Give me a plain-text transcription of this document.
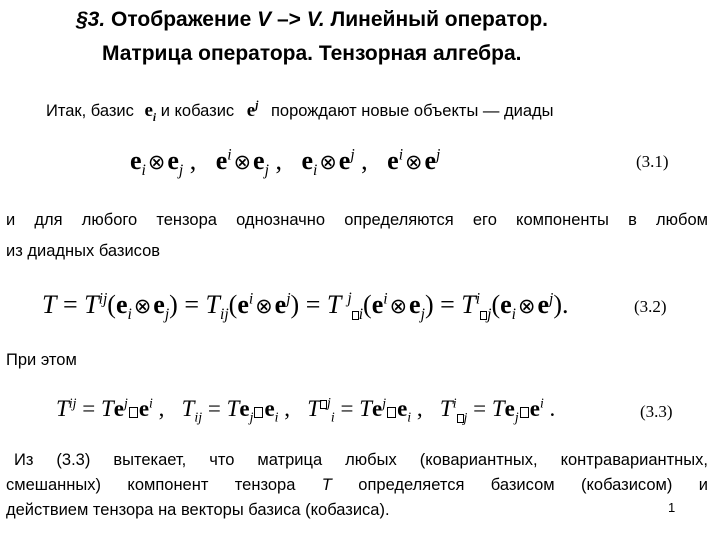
§3. Отображение V –> V. Линейный оператор.
Матрица оператора. Тензорная алгебра.
Итак, базис $e_i$ и кобазис $e^j$ порождают новые объекты — диады
$e_i\otimes e_j$ , $e^i\otimes e_j$ , $e_i\otimes e^j$ , $e^i\otimes e^j$	(3.1)
и для любого тензора однозначно определяются его компоненты в любом
из диадных базисов
$T = T^{ij}(e_i\otimes e_j)$ = $T_{ij}(e^i\otimes e^j) = T$ $^j_i(e^i\otimes e_j)$ = $T^i_j(e_i\otimes e^j)$.	(3.2)
При этом
$T^{ij} = Te^j$ $e^i$ ,   $T_{ij} = Te_j$ $e_i$ ,   T $^j_i = Te^j$ $e_i$ ,   $T^i_j = Te_j$ $e^i$ .	(3.3)
Из (3.3) вытекает, что матрица любых (ковариантных, контравариантных,
смешанных) компонент тензора T определяется базисом (кобазисом) и
действием тензора на векторы базиса (кобазиса).	1
